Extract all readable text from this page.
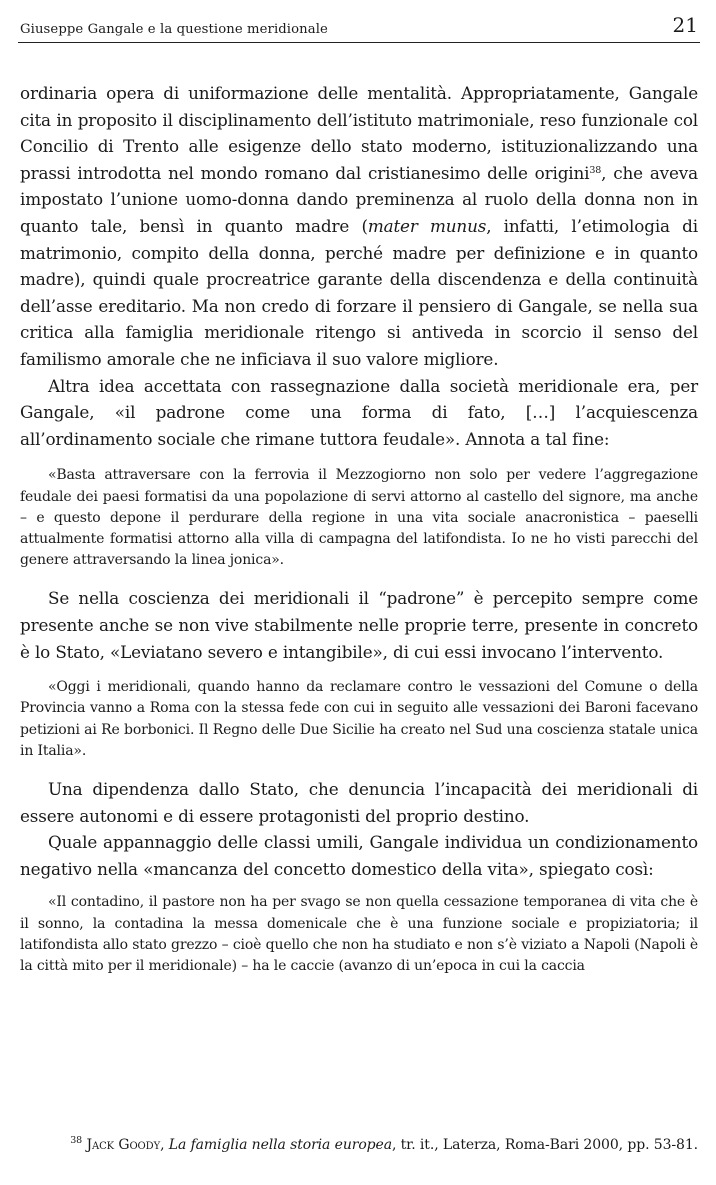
Giuseppe Gangale e la questione meridionale	21

ordinaria opera di uniformazione delle mentalità. Appropriatamente, Gangale cita in proposito il disciplinamento dell’istituto matrimoniale, reso funzionale col Concilio di Trento alle esigenze dello stato moderno, istituzionalizzando una prassi introdotta nel mondo romano dal cristianesimo delle origini$^{38}$, che aveva impostato l’unione uomo-donna dando preminenza al ruolo della donna non in quanto tale, bensì in quanto madre (mater munus, infatti, l’etimologia di matrimonio, compito della donna, perché madre per definizione e in quanto madre), quindi quale procreatrice garante della discendenza e della continuità dell’asse ereditario. Ma non credo di forzare il pensiero di Gangale, se nella sua critica alla famiglia meridionale ritengo si antiveda in scorcio il senso del familismo amorale che ne inficiava il suo valore migliore.

Altra idea accettata con rassegnazione dalla società meridionale era, per Gangale, «il padrone come una forma di fato, […] l’acquiescenza all’ordinamento sociale che rimane tuttora feudale». Annota a tal fine:

«Basta attraversare con la ferrovia il Mezzogiorno non solo per vedere l’aggregazione feudale dei paesi formatisi da una popolazione di servi attorno al castello del signore, ma anche – e questo depone il perdurare della regione in una vita sociale anacronistica – paeselli attualmente formatisi attorno alla villa di campagna del latifondista. Io ne ho visti parecchi del genere attraversando la linea jonica».

Se nella coscienza dei meridionali il “padrone” è percepito sempre come presente anche se non vive stabilmente nelle proprie terre, presente in concreto è lo Stato, «Leviatano severo e intangibile», di cui essi invocano l’intervento.

«Oggi i meridionali, quando hanno da reclamare contro le vessazioni del Comune o della Provincia vanno a Roma con la stessa fede con cui in seguito alle vessazioni dei Baroni facevano petizioni ai Re borbonici. Il Regno delle Due Sicilie ha creato nel Sud una coscienza statale unica in Italia».

Una dipendenza dallo Stato, che denuncia l’incapacità dei meridionali di essere autonomi e di essere protagonisti del proprio destino.

Quale appannaggio delle classi umili, Gangale individua un condizionamento negativo nella «mancanza del concetto domestico della vita», spiegato così:

«Il contadino, il pastore non ha per svago se non quella cessazione temporanea di vita che è il sonno, la contadina la messa domenicale che è una funzione sociale e propiziatoria; il latifondista allo stato grezzo – cioè quello che non ha studiato e non s’è viziato a Napoli (Napoli è la città mito per il meridionale) – ha le caccie (avanzo di un’epoca in cui la caccia

$^{38}$ Jack Goody, La famiglia nella storia europea, tr. it., Laterza, Roma-Bari 2000, pp. 53-81.
